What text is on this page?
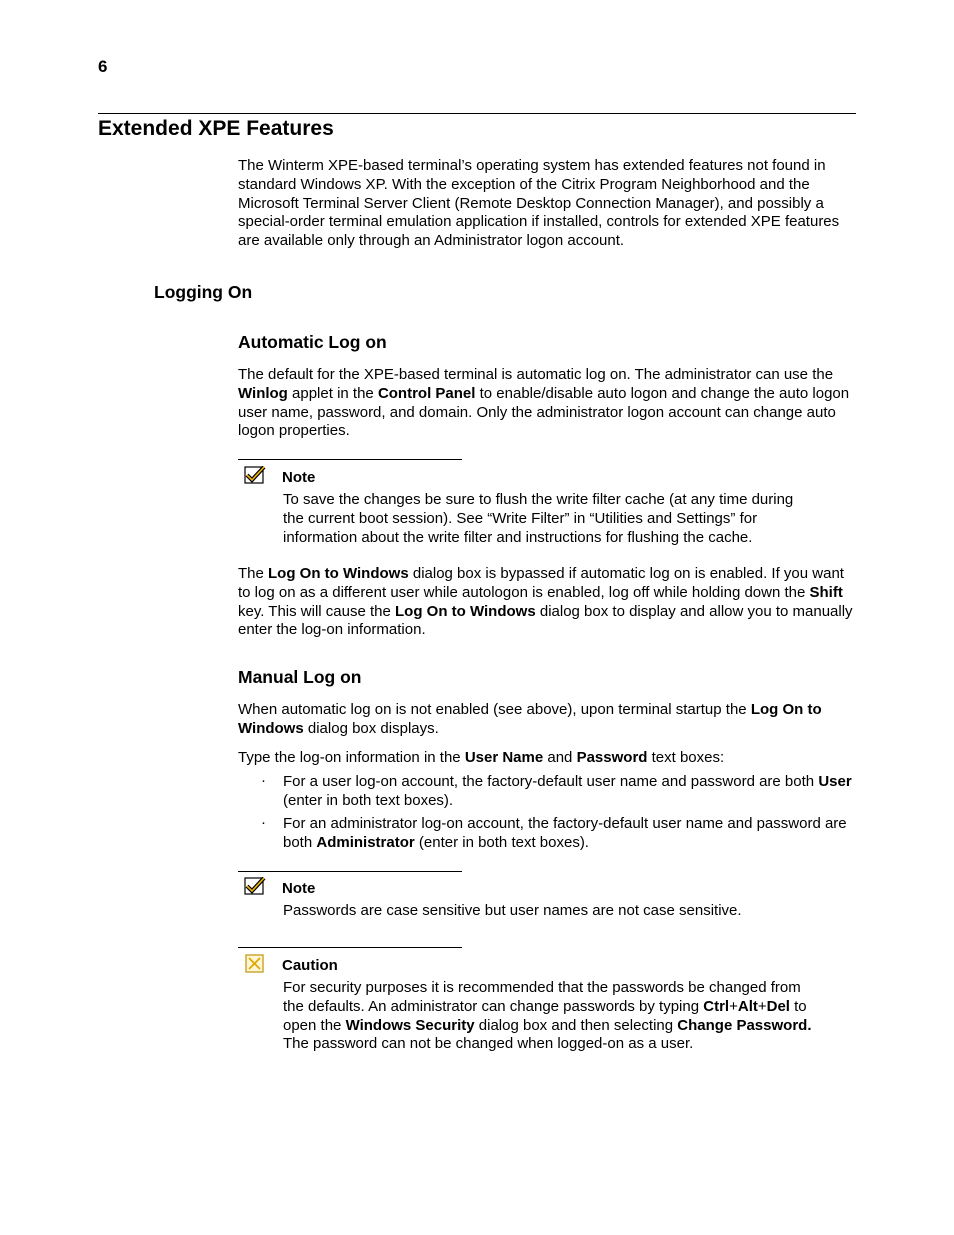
6
Extended XPE Features
The Winterm XPE-based terminal’s operating system has extended features not found in standard Windows XP. With the exception of the Citrix Program Neighborhood and the Microsoft Terminal Server Client (Remote Desktop Connection Manager), and possibly a special-order terminal emulation application if installed, controls for extended XPE features are available only through an Administrator logon account.
Logging On
Automatic Log on
The default for the XPE-based terminal is automatic log on. The administrator can use the Winlog applet in the Control Panel to enable/disable auto logon and change the auto logon user name, password, and domain. Only the administrator logon account can change auto logon properties.
Note
To save the changes be sure to flush the write filter cache (at any time during the current boot session). See “Write Filter” in “Utilities and Settings” for information about the write filter and instructions for flushing the cache.
The Log On to Windows dialog box is bypassed if automatic log on is enabled. If you want to log on as a different user while autologon is enabled, log off while holding down the Shift key. This will cause the Log On to Windows dialog box to display and allow you to manually enter the log-on information.
Manual Log on
When automatic log on is not enabled (see above), upon terminal startup the Log On to Windows dialog box displays.
Type the log-on information in the User Name and Password text boxes:
· For a user log-on account, the factory-default user name and password are both User (enter in both text boxes).
· For an administrator log-on account, the factory-default user name and password are both Administrator (enter in both text boxes).
Note
Passwords are case sensitive but user names are not case sensitive.
Caution
For security purposes it is recommended that the passwords be changed from the defaults. An administrator can change passwords by typing Ctrl+Alt+Del to open the Windows Security dialog box and then selecting Change Password. The password can not be changed when logged-on as a user.
